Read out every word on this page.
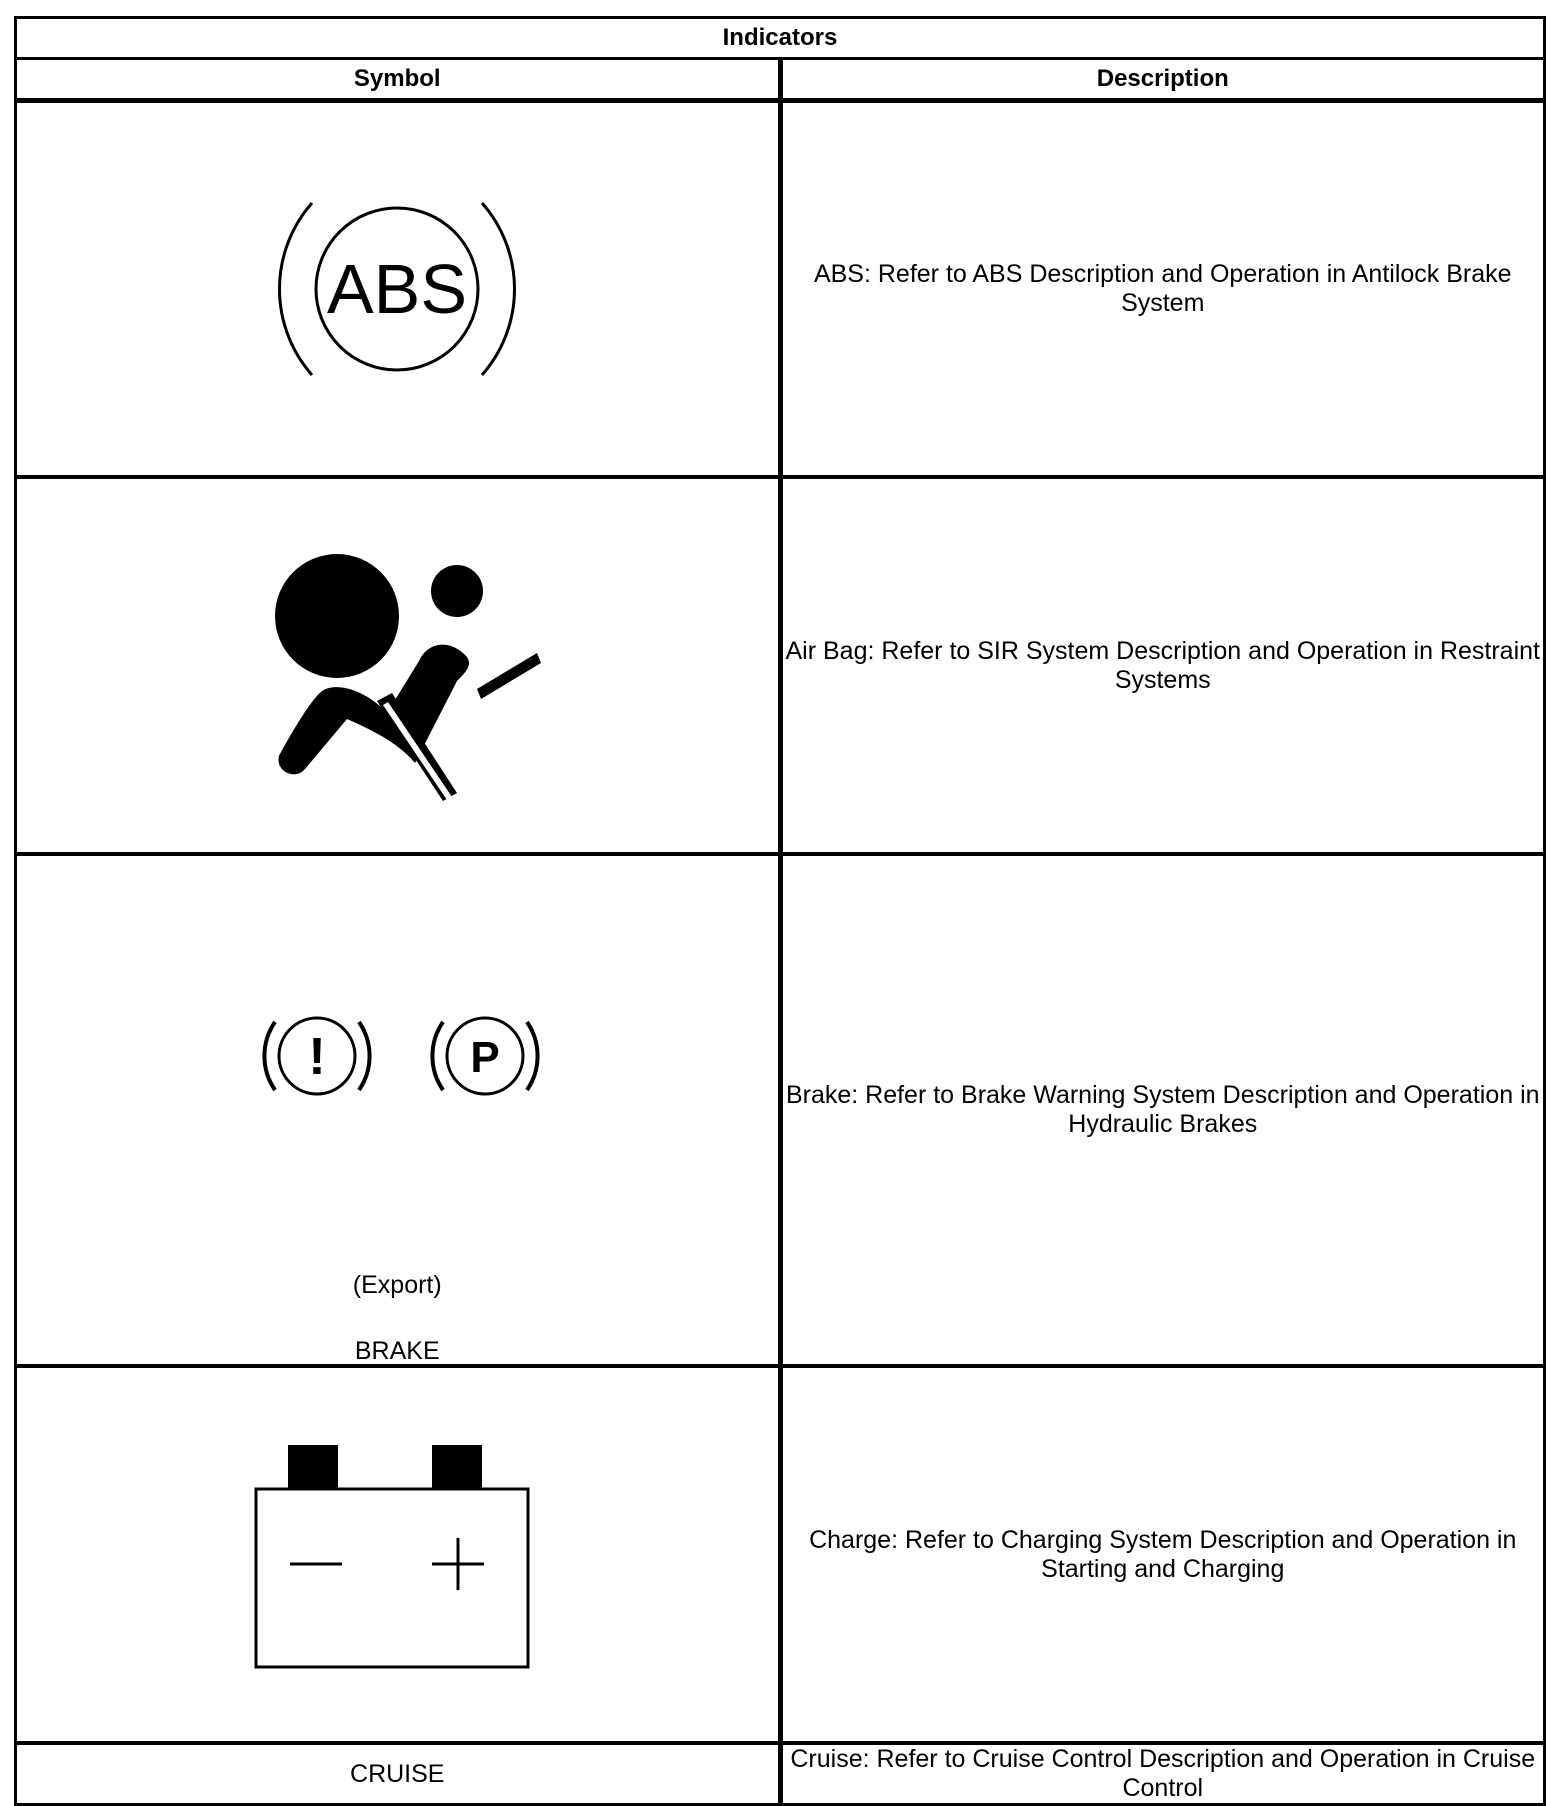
Indicators	
Symbol	Description

ABS	ABS: Refer to ABS Description and Operation in Antilock Brake System

	Air Bag: Refer to SIR System Description and Operation in Restraint Systems

! P
(Export)
BRAKE	Brake: Refer to Brake Warning System Description and Operation in Hydraulic Brakes

	Charge: Refer to Charging System Description and Operation in Starting and Charging
CRUISE	Cruise: Refer to Cruise Control Description and Operation in Cruise Control
